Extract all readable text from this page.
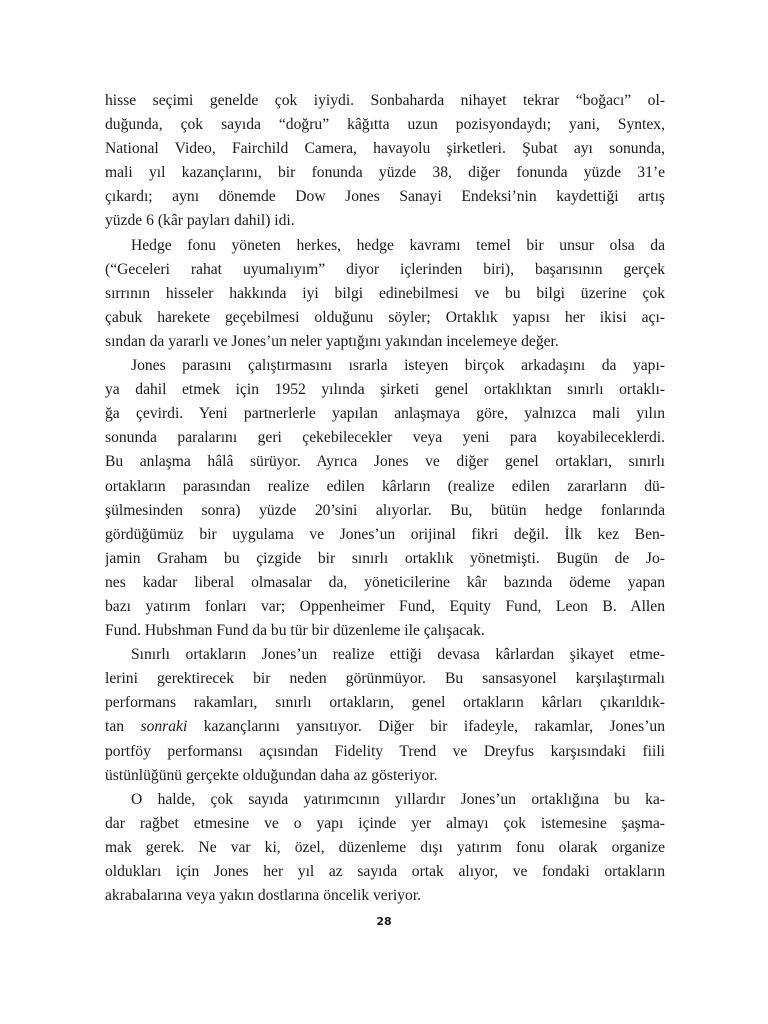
hisse seçimi genelde çok iyiydi. Sonbaharda nihayet tekrar “boğacı” ol-
duğunda, çok sayıda “doğru” kâğıtta uzun pozisyondaydı; yani, Syntex,
National Video, Fairchild Camera, havayolu şirketleri. Şubat ayı sonunda,
mali yıl kazançlarını, bir fonunda yüzde 38, diğer fonunda yüzde 31’e
çıkardı; aynı dönemde Dow Jones Sanayi Endeksi’nin kaydettiği artış
yüzde 6 (kâr payları dahil) idi.
Hedge fonu yöneten herkes, hedge kavramı temel bir unsur olsa da
(“Geceleri rahat uyumalıyım” diyor içlerinden biri), başarısının gerçek
sırrının hisseler hakkında iyi bilgi edinebilmesi ve bu bilgi üzerine çok
çabuk harekete geçebilmesi olduğunu söyler; Ortaklık yapısı her ikisi açı-
sından da yararlı ve Jones’un neler yaptığını yakından incelemeye değer.
Jones parasını çalıştırmasını ısrarla isteyen birçok arkadaşını da yapı-
ya dahil etmek için 1952 yılında şirketi genel ortaklıktan sınırlı ortaklı-
ğa çevirdi. Yeni partnerlerle yapılan anlaşmaya göre, yalnızca mali yılın
sonunda paralarını geri çekebilecekler veya yeni para koyabileceklerdi.
Bu anlaşma hâlâ sürüyor. Ayrıca Jones ve diğer genel ortakları, sınırlı
ortakların parasından realize edilen kârların (realize edilen zararların dü-
şülmesinden sonra) yüzde 20’sini alıyorlar. Bu, bütün hedge fonlarında
gördüğümüz bir uygulama ve Jones’un orijinal fikri değil. İlk kez Ben-
jamin Graham bu çizgide bir sınırlı ortaklık yönetmişti. Bugün de Jo-
nes kadar liberal olmasalar da, yöneticilerine kâr bazında ödeme yapan
bazı yatırım fonları var; Oppenheimer Fund, Equity Fund, Leon B. Allen
Fund. Hubshman Fund da bu tür bir düzenleme ile çalışacak.
Sınırlı ortakların Jones’un realize ettiği devasa kârlardan şikayet etme-
lerini gerektirecek bir neden görünmüyor. Bu sansasyonel karşılaştırmalı
performans rakamları, sınırlı ortakların, genel ortakların kârları çıkarıldık-
tan sonraki kazançlarını yansıtıyor. Diğer bir ifadeyle, rakamlar, Jones’un
portföy performansı açısından Fidelity Trend ve Dreyfus karşısındaki fiili
üstünlüğünü gerçekte olduğundan daha az gösteriyor.
O halde, çok sayıda yatırımcının yıllardır Jones’un ortaklığına bu ka-
dar rağbet etmesine ve o yapı içinde yer almayı çok istemesine şaşma-
mak gerek. Ne var ki, özel, düzenleme dışı yatırım fonu olarak organize
oldukları için Jones her yıl az sayıda ortak alıyor, ve fondaki ortakların
akrabalarına veya yakın dostlarına öncelik veriyor.
28
